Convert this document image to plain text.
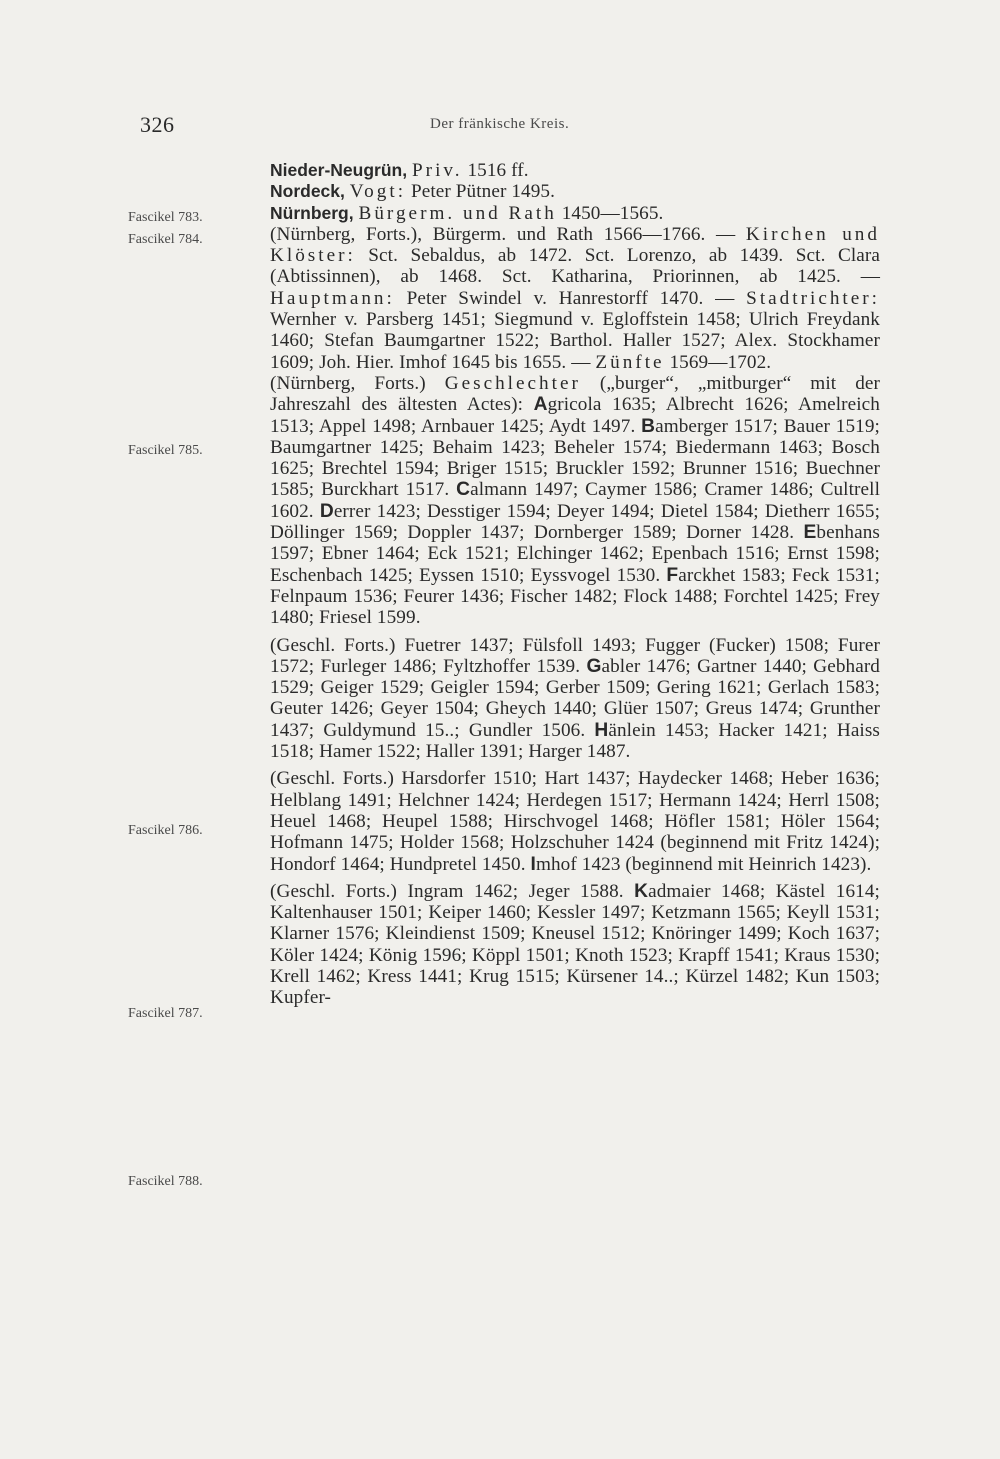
326	Der fränkische Kreis.
Fascikel 783.
Fascikel 784.
Fascikel 785.
Fascikel 786.
Fascikel 787.
Fascikel 788.

Nieder-Neugrün, Priv. 1516 ff.

Nordeck, Vogt: Peter Pütner 1495.

Nürnberg, Bürgerm. und Rath 1450—1565.

(Nürnberg, Forts.), Bürgerm. und Rath 1566—1766. — Kirchen und Klöster: Sct. Sebaldus, ab 1472. Sct. Lorenzo, ab 1439. Sct. Clara (Abtissinnen), ab 1468. Sct. Katharina, Priorinnen, ab 1425. — Hauptmann: Peter Swindel v. Hanrestorff 1470. — Stadtrichter: Wernher v. Parsberg 1451; Siegmund v. Egloffstein 1458; Ulrich Freydank 1460; Stefan Baumgartner 1522; Barthol. Haller 1527; Alex. Stockhamer 1609; Joh. Hier. Imhof 1645 bis 1655. — Zünfte 1569—1702.

(Nürnberg, Forts.) Geschlechter („burger“, „mitburger“ mit der Jahreszahl des ältesten Actes): Agricola 1635; Albrecht 1626; Amelreich 1513; Appel 1498; Arnbauer 1425; Aydt 1497. Bamberger 1517; Bauer 1519; Baumgartner 1425; Behaim 1423; Beheler 1574; Biedermann 1463; Bosch 1625; Brechtel 1594; Briger 1515; Bruckler 1592; Brunner 1516; Buechner 1585; Burckhart 1517. Calmann 1497; Caymer 1586; Cramer 1486; Cultrell 1602. Derrer 1423; Desstiger 1594; Deyer 1494; Dietel 1584; Dietherr 1655; Döllinger 1569; Doppler 1437; Dornberger 1589; Dorner 1428. Ebenhans 1597; Ebner 1464; Eck 1521; Elchinger 1462; Epenbach 1516; Ernst 1598; Eschenbach 1425; Eyssen 1510; Eyssvogel 1530. Farckhet 1583; Feck 1531; Felnpaum 1536; Feurer 1436; Fischer 1482; Flock 1488; Forchtel 1425; Frey 1480; Friesel 1599.

(Geschl. Forts.) Fuetrer 1437; Fülsfoll 1493; Fugger (Fucker) 1508; Furer 1572; Furleger 1486; Fyltzhoffer 1539. Gabler 1476; Gartner 1440; Gebhard 1529; Geiger 1529; Geigler 1594; Gerber 1509; Gering 1621; Gerlach 1583; Geuter 1426; Geyer 1504; Gheych 1440; Glüer 1507; Greus 1474; Grunther 1437; Guldymund 15..; Gundler 1506. Hänlein 1453; Hacker 1421; Haiss 1518; Hamer 1522; Haller 1391; Harger 1487.

(Geschl. Forts.) Harsdorfer 1510; Hart 1437; Haydecker 1468; Heber 1636; Helblang 1491; Helchner 1424; Herdegen 1517; Hermann 1424; Herrl 1508; Heuel 1468; Heupel 1588; Hirschvogel 1468; Höfler 1581; Höler 1564; Hofmann 1475; Holder 1568; Holzschuher 1424 (beginnend mit Fritz 1424); Hondorf 1464; Hundpretel 1450. Imhof 1423 (beginnend mit Heinrich 1423).

(Geschl. Forts.) Ingram 1462; Jeger 1588. Kadmaier 1468; Kästel 1614; Kaltenhauser 1501; Keiper 1460; Kessler 1497; Ketzmann 1565; Keyll 1531; Klarner 1576; Kleindienst 1509; Kneusel 1512; Knöringer 1499; Koch 1637; Köler 1424; König 1596; Köppl 1501; Knoth 1523; Krapff 1541; Kraus 1530; Krell 1462; Kress 1441; Krug 1515; Kürsener 14..; Kürzel 1482; Kun 1503; Kupfer-
